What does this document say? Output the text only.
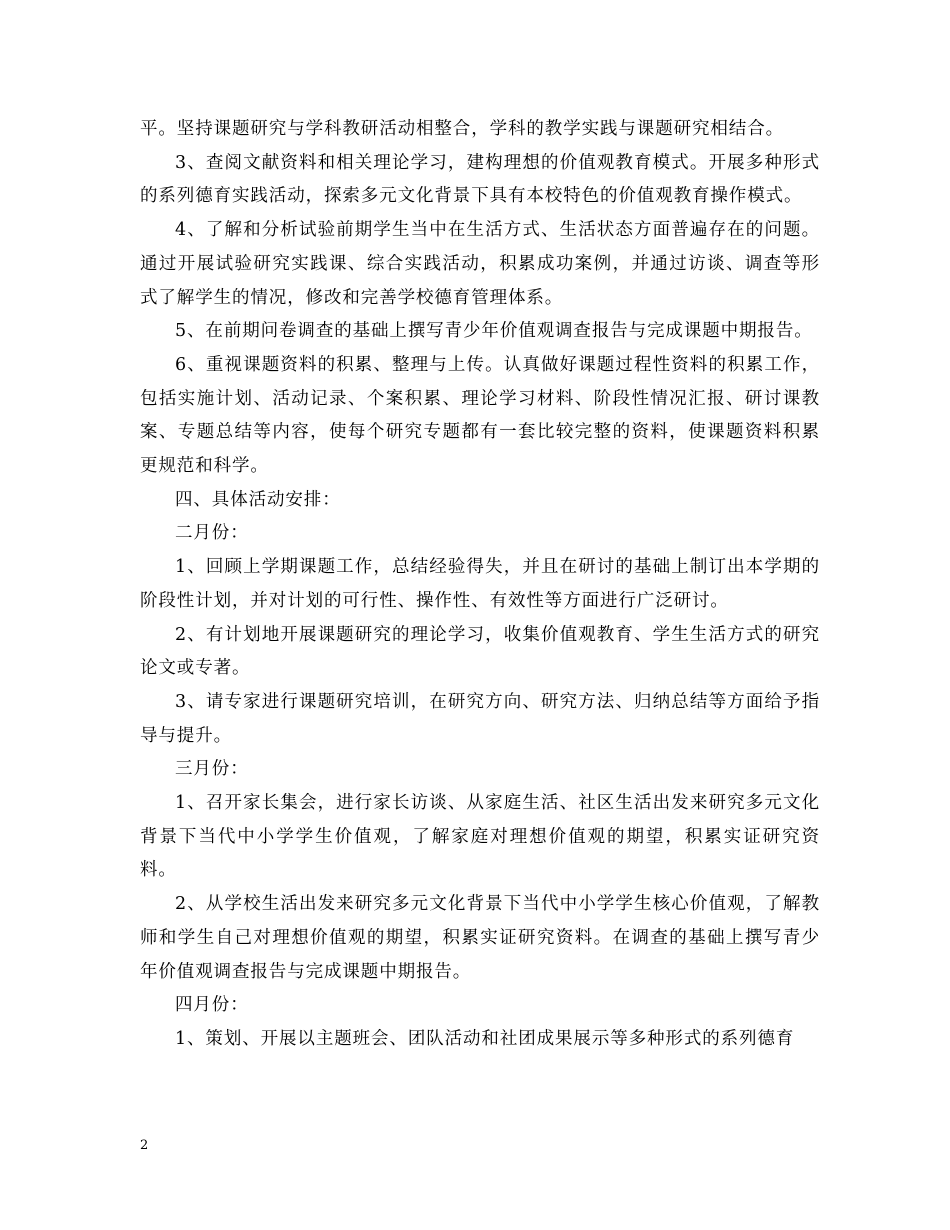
平。坚持课题研究与学科教研活动相整合，学科的教学实践与课题研究相结合。

3、查阅文献资料和相关理论学习，建构理想的价值观教育模式。开展多种形式的系列德育实践活动，探索多元文化背景下具有本校特色的价值观教育操作模式。

4、了解和分析试验前期学生当中在生活方式、生活状态方面普遍存在的问题。通过开展试验研究实践课、综合实践活动，积累成功案例，并通过访谈、调查等形式了解学生的情况，修改和完善学校德育管理体系。

5、在前期问卷调查的基础上撰写青少年价值观调查报告与完成课题中期报告。

6、重视课题资料的积累、整理与上传。认真做好课题过程性资料的积累工作，包括实施计划、活动记录、个案积累、理论学习材料、阶段性情况汇报、研讨课教案、专题总结等内容，使每个研究专题都有一套比较完整的资料，使课题资料积累更规范和科学。

四、具体活动安排：

二月份：

1、回顾上学期课题工作，总结经验得失，并且在研讨的基础上制订出本学期的阶段性计划，并对计划的可行性、操作性、有效性等方面进行广泛研讨。

2、有计划地开展课题研究的理论学习，收集价值观教育、学生生活方式的研究论文或专著。

3、请专家进行课题研究培训，在研究方向、研究方法、归纳总结等方面给予指导与提升。

三月份：

1、召开家长集会，进行家长访谈、从家庭生活、社区生活出发来研究多元文化背景下当代中小学学生价值观，了解家庭对理想价值观的期望，积累实证研究资料。

2、从学校生活出发来研究多元文化背景下当代中小学学生核心价值观，了解教师和学生自己对理想价值观的期望，积累实证研究资料。在调查的基础上撰写青少年价值观调查报告与完成课题中期报告。

四月份：

1、策划、开展以主题班会、团队活动和社团成果展示等多种形式的系列德育

2
